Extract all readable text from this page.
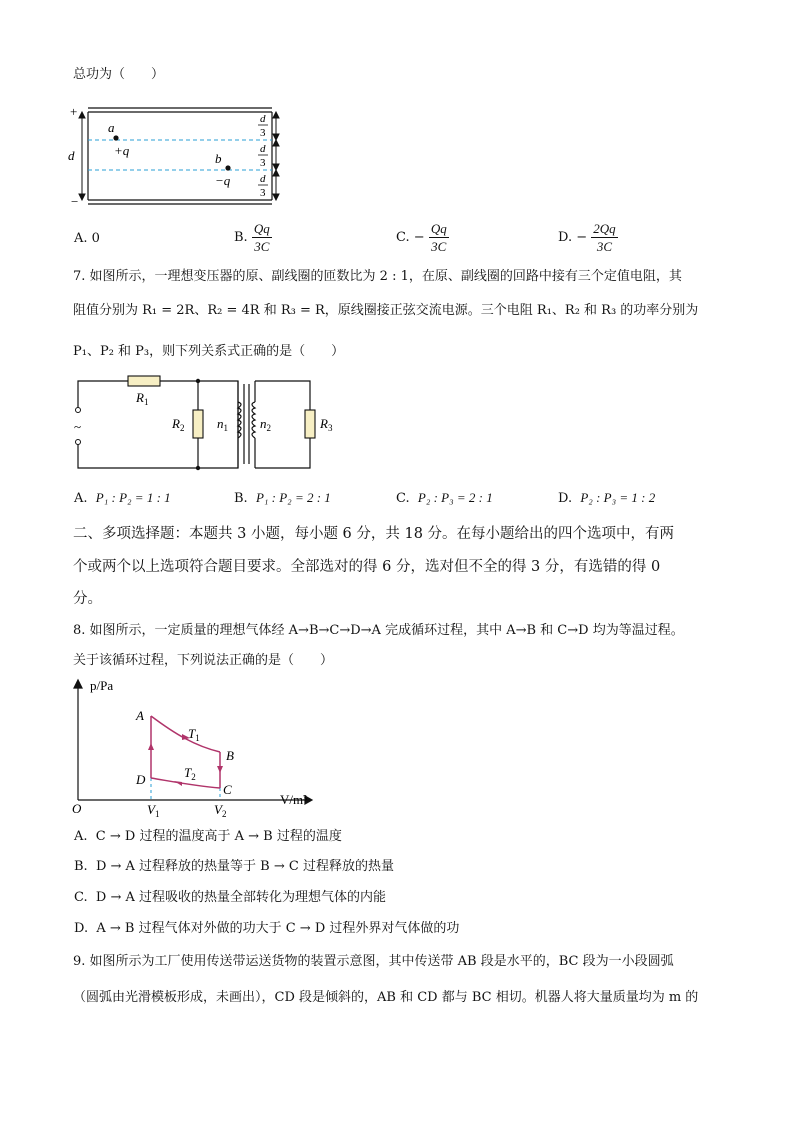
总功为（　　）
+
−
d
a
+q
b
−q
d
3
d
3
d
3
A. 0	B. $\frac{Qq}{3C}$	C. − $\frac{Qq}{3C}$	D. − $\frac{2Qq}{3C}$
7. 如图所示，一理想变压器的原、副线圈的匝数比为 2 : 1，在原、副线圈的回路中接有三个定值电阻，其
阻值分别为 R₁ = 2R、R₂ = 4R 和 R₃ = R，原线圈接正弦交流电源。三个电阻 R₁、R₂ 和 R₃ 的功率分别为
P₁、P₂ 和 P₃，则下列关系式正确的是（　　）
~
$R_1$
$R_2$	$R_3$
$n_1$ $n_2$
A. P₁ : P₂ = 1 : 1	B. P₁ : P₂ = 2 : 1	C. P₂ : P₃ = 2 : 1	D. P₂ : P₃ = 1 : 2
二、多项选择题：本题共 3 小题，每小题 6 分，共 18 分。在每小题给出的四个选项中，有两
个或两个以上选项符合题目要求。全部选对的得 6 分，选对但不全的得 3 分，有选错的得 0
分。
8. 如图所示，一定质量的理想气体经 A→B→C→D→A 完成循环过程，其中 A→B 和 C→D 均为等温过程。
关于该循环过程，下列说法正确的是（　　）
p/Pa
V/m³
O
A
B
C
D
$T_1$
$T_2$
$V_1$	$V_2$
A. C → D 过程的温度高于 A → B 过程的温度
B. D → A 过程释放的热量等于 B → C 过程释放的热量
C. D → A 过程吸收的热量全部转化为理想气体的内能
D. A → B 过程气体对外做的功大于 C → D 过程外界对气体做的功
9. 如图所示为工厂使用传送带运送货物的装置示意图，其中传送带 AB 段是水平的，BC 段为一小段圆弧
（圆弧由光滑模板形成，未画出），CD 段是倾斜的，AB 和 CD 都与 BC 相切。机器人将大量质量均为 m 的
